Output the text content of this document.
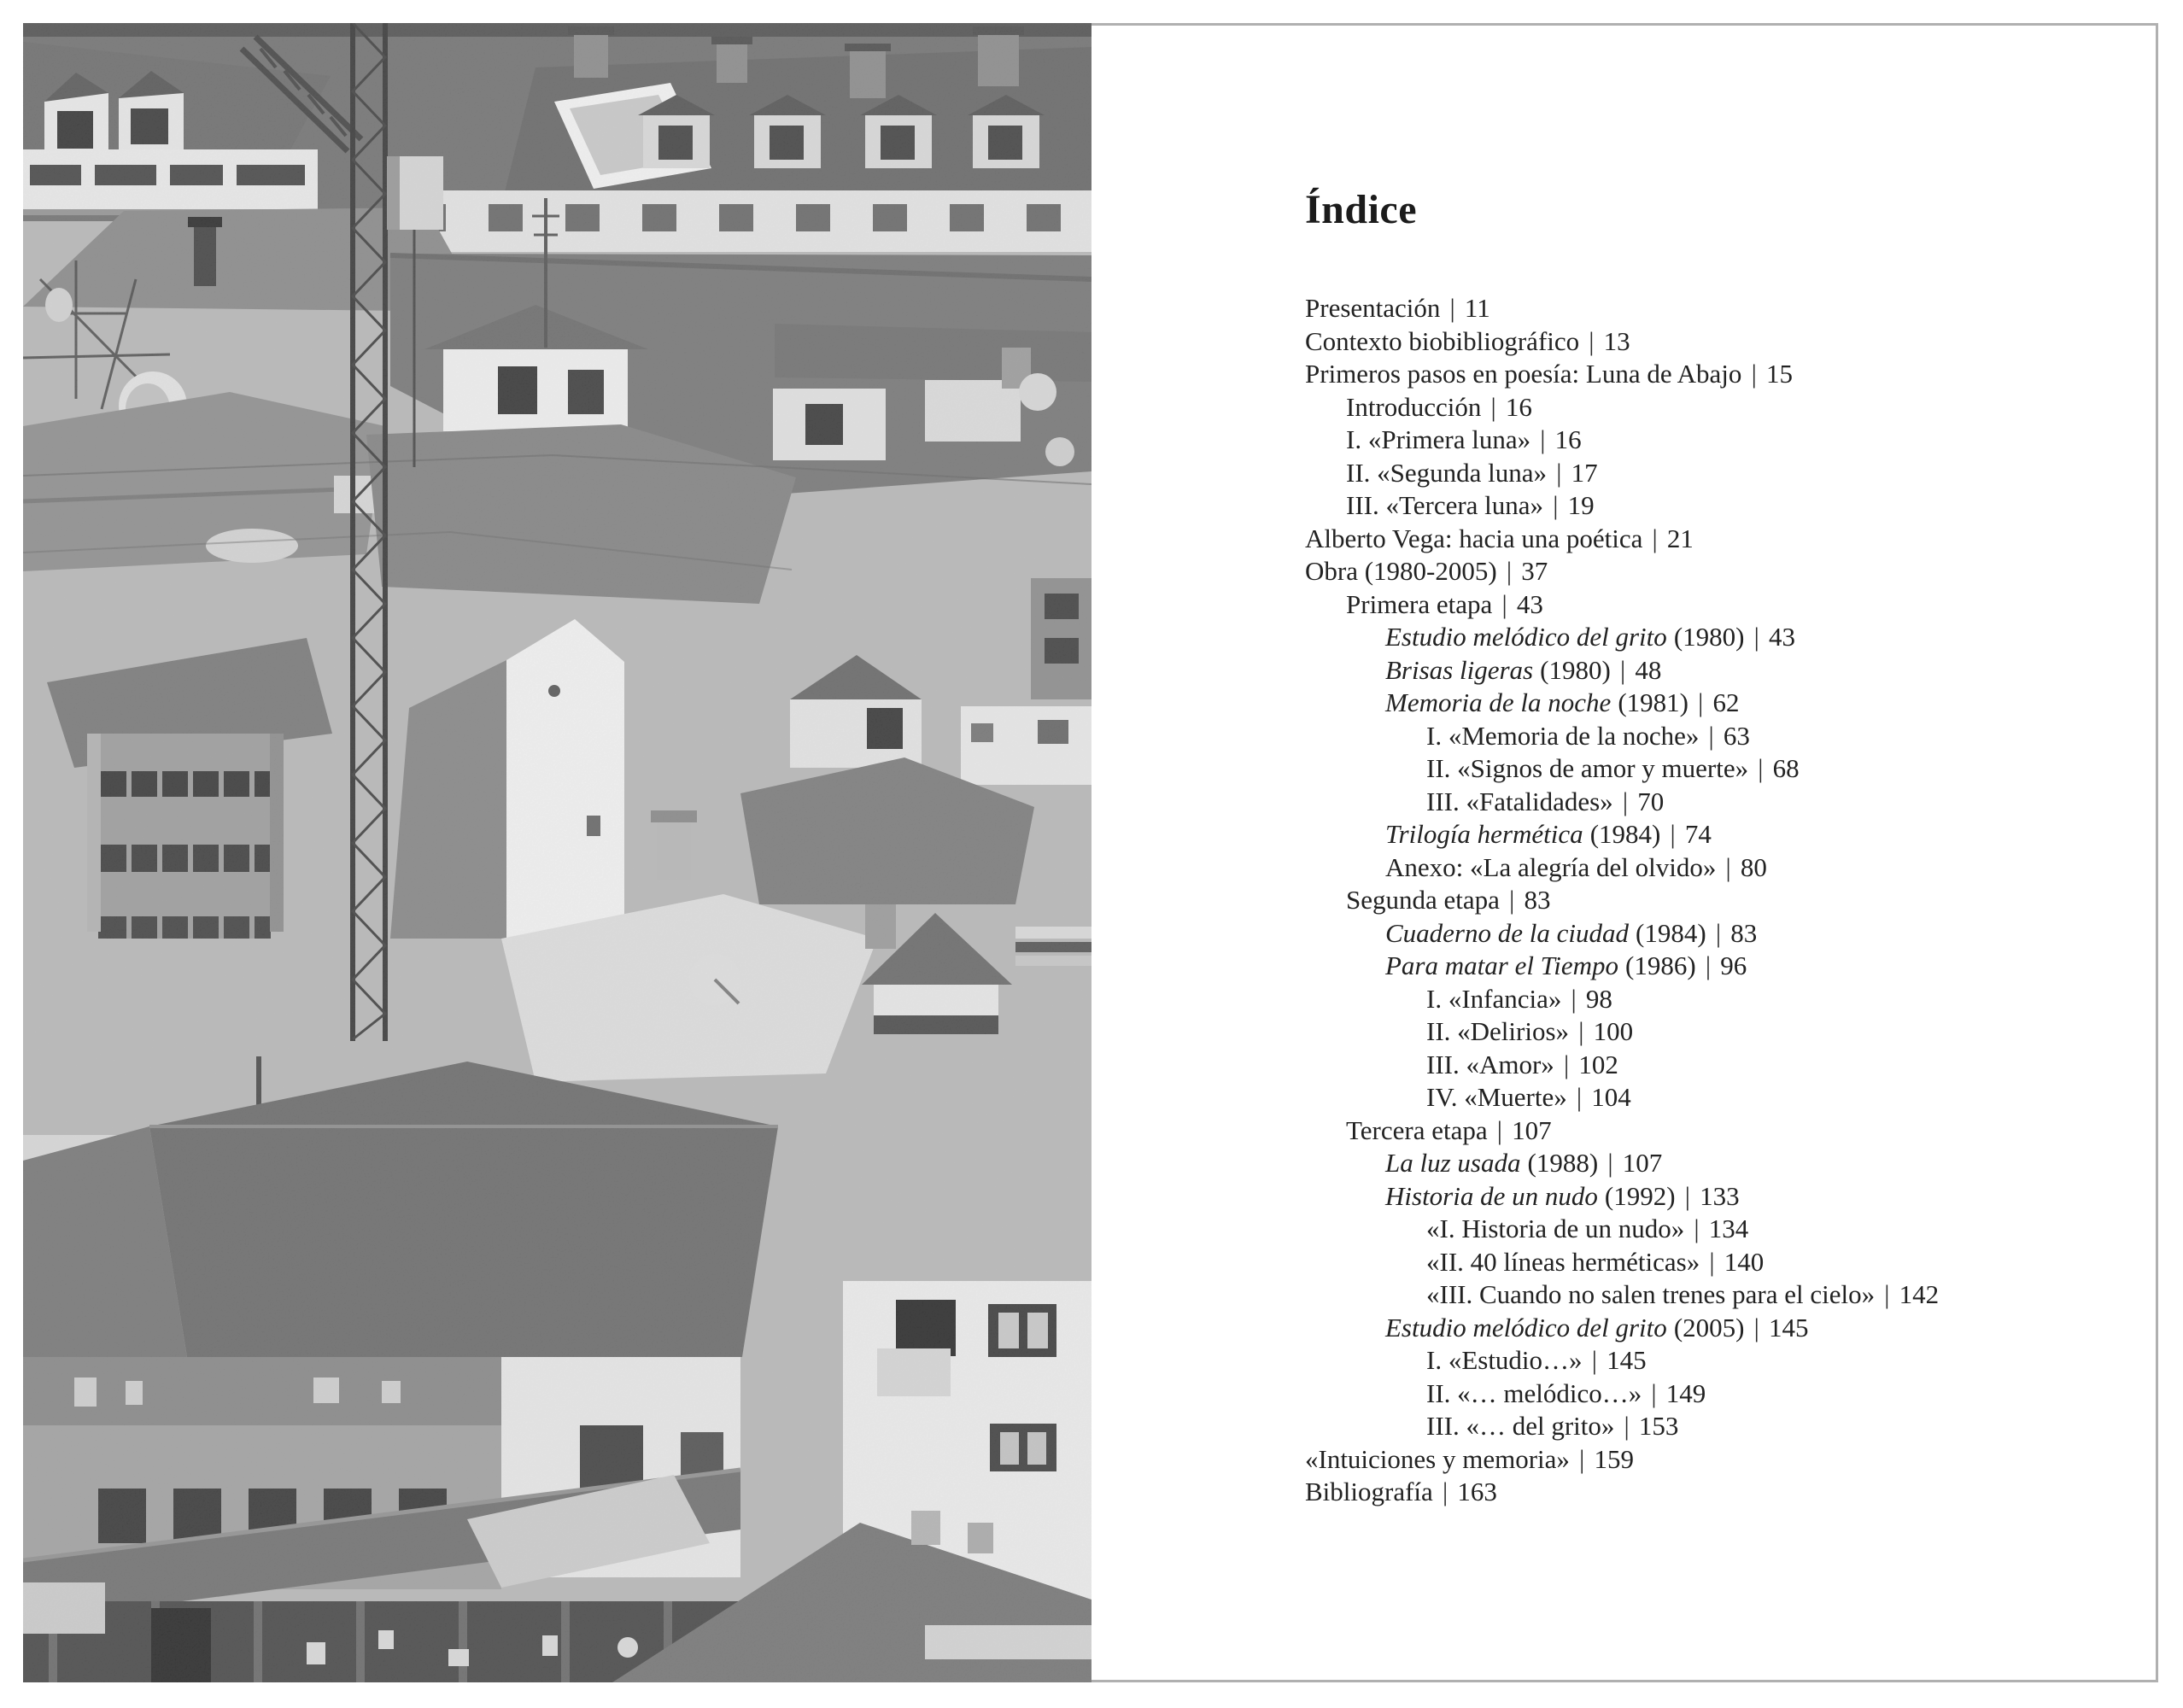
Índice
Presentación | 11
Contexto biobibliográfico | 13
Primeros pasos en poesía: Luna de Abajo | 15
Introducción | 16
I. «Primera luna» | 16
II. «Segunda luna» | 17
III. «Tercera luna» | 19
Alberto Vega: hacia una poética | 21
Obra (1980-2005) | 37
Primera etapa | 43
Estudio melódico del grito (1980) | 43
Brisas ligeras (1980) | 48
Memoria de la noche (1981) | 62
I. «Memoria de la noche» | 63
II. «Signos de amor y muerte» | 68
III. «Fatalidades» | 70
Trilogía hermética (1984) | 74
Anexo: «La alegría del olvido» | 80
Segunda etapa | 83
Cuaderno de la ciudad (1984) | 83
Para matar el Tiempo (1986) | 96
I. «Infancia» | 98
II. «Delirios» | 100
III. «Amor» | 102
IV. «Muerte» | 104
Tercera etapa | 107
La luz usada (1988) | 107
Historia de un nudo (1992) | 133
«I. Historia de un nudo» | 134
«II. 40 líneas herméticas» | 140
«III. Cuando no salen trenes para el cielo» | 142
Estudio melódico del grito (2005) | 145
I. «Estudio…» | 145
II. «… melódico…» | 149
III. «… del grito» | 153
«Intuiciones y memoria» | 159
Bibliografía | 163
